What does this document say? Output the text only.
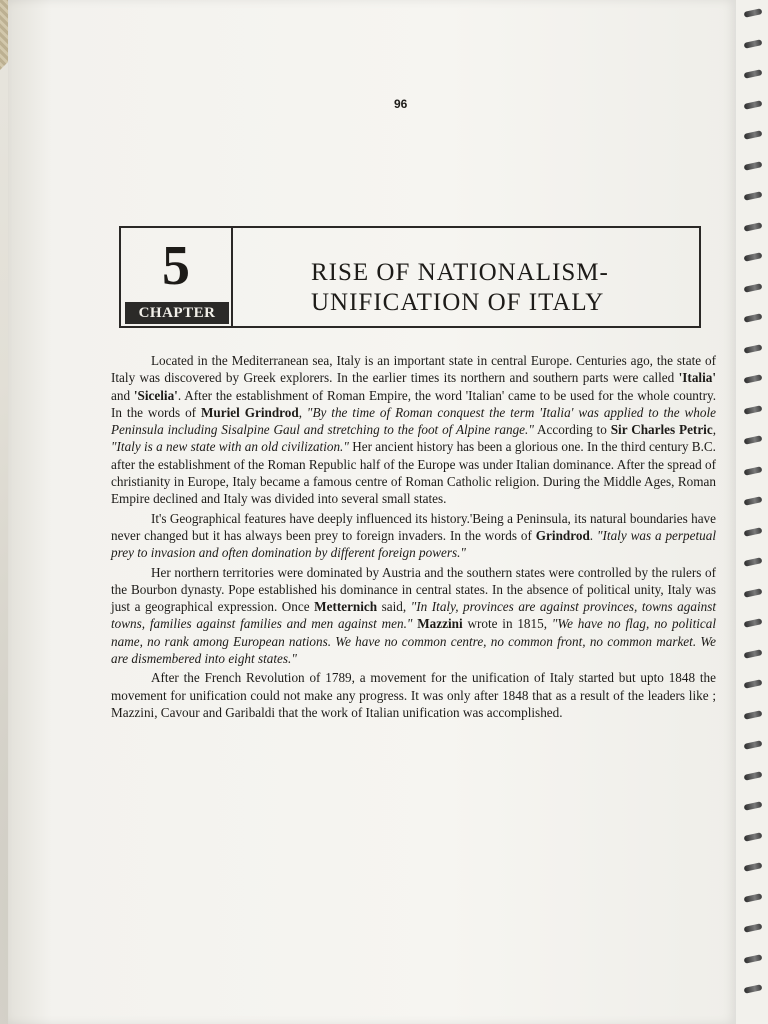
96
5
CHAPTER
RISE OF NATIONALISM-
UNIFICATION OF ITALY

Located in the Mediterranean sea, Italy is an important state in central Europe. Centuries ago, the state of Italy was discovered by Greek explorers. In the earlier times its northern and southern parts were called 'Italia' and 'Sicelia'. After the establishment of Roman Empire, the word 'Italian' came to be used for the whole country. In the words of Muriel Grindrod, "By the time of Roman conquest the term 'Italia' was applied to the whole Peninsula including Sisalpine Gaul and stretching to the foot of Alpine range." According to Sir Charles Petric, "Italy is a new state with an old civilization." Her ancient history has been a glorious one. In the third century B.C. after the establishment of the Roman Republic half of the Europe was under Italian dominance. After the spread of christianity in Europe, Italy became a famous centre of Roman Catholic religion. During the Middle Ages, Roman Empire declined and Italy was divided into several small states.

It's Geographical features have deeply influenced its history.'Being a Peninsula, its natural boundaries have never changed but it has always been prey to foreign invaders. In the words of Grindrod. "Italy was a perpetual prey to invasion and often domination by different foreign powers."

Her northern territories were dominated by Austria and the southern states were controlled by the rulers of the Bourbon dynasty. Pope established his dominance in central states. In the absence of political unity, Italy was just a geographical expression. Once Metternich said, "In Italy, provinces are against provinces, towns against towns, families against families and men against men." Mazzini wrote in 1815, "We have no flag, no political name, no rank among European nations. We have no common centre, no common front, no common market. We are dismembered into eight states."

After the French Revolution of 1789, a movement for the unification of Italy started but upto 1848 the movement for unification could not make any progress. It was only after 1848 that as a result of the leaders like ; Mazzini, Cavour and Garibaldi that the work of Italian unification was accomplished.
